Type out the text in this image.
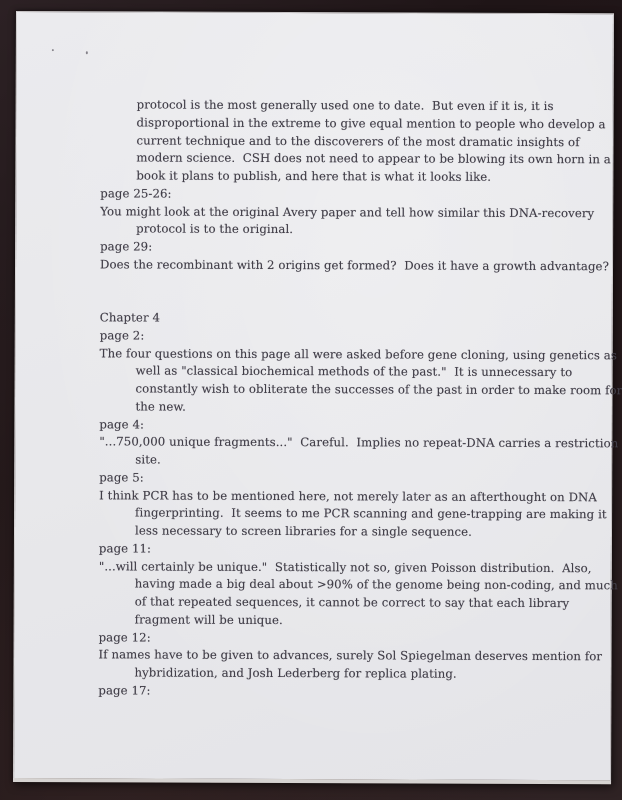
protocol is the most generally used one to date.  But even if it is, it is
disproportional in the extreme to give equal mention to people who develop a
current technique and to the discoverers of the most dramatic insights of
modern science.  CSH does not need to appear to be blowing its own horn in a
book it plans to publish, and here that is what it looks like.
page 25-26:
You might look at the original Avery paper and tell how similar this DNA-recovery
protocol is to the original.
page 29:
Does the recombinant with 2 origins get formed?  Does it have a growth advantage?
Chapter 4
page 2:
The four questions on this page all were asked before gene cloning, using genetics as
well as "classical biochemical methods of the past."  It is unnecessary to
constantly wish to obliterate the successes of the past in order to make room for
the new.
page 4:
"...750,000 unique fragments..."  Careful.  Implies no repeat-DNA carries a restriction
site.
page 5:
I think PCR has to be mentioned here, not merely later as an afterthought on DNA
fingerprinting.  It seems to me PCR scanning and gene-trapping are making it
less necessary to screen libraries for a single sequence.
page 11:
"...will certainly be unique."  Statistically not so, given Poisson distribution.  Also,
having made a big deal about >90% of the genome being non-coding, and much
of that repeated sequences, it cannot be correct to say that each library
fragment will be unique.
page 12:
If names have to be given to advances, surely Sol Spiegelman deserves mention for
hybridization, and Josh Lederberg for replica plating.
page 17:
